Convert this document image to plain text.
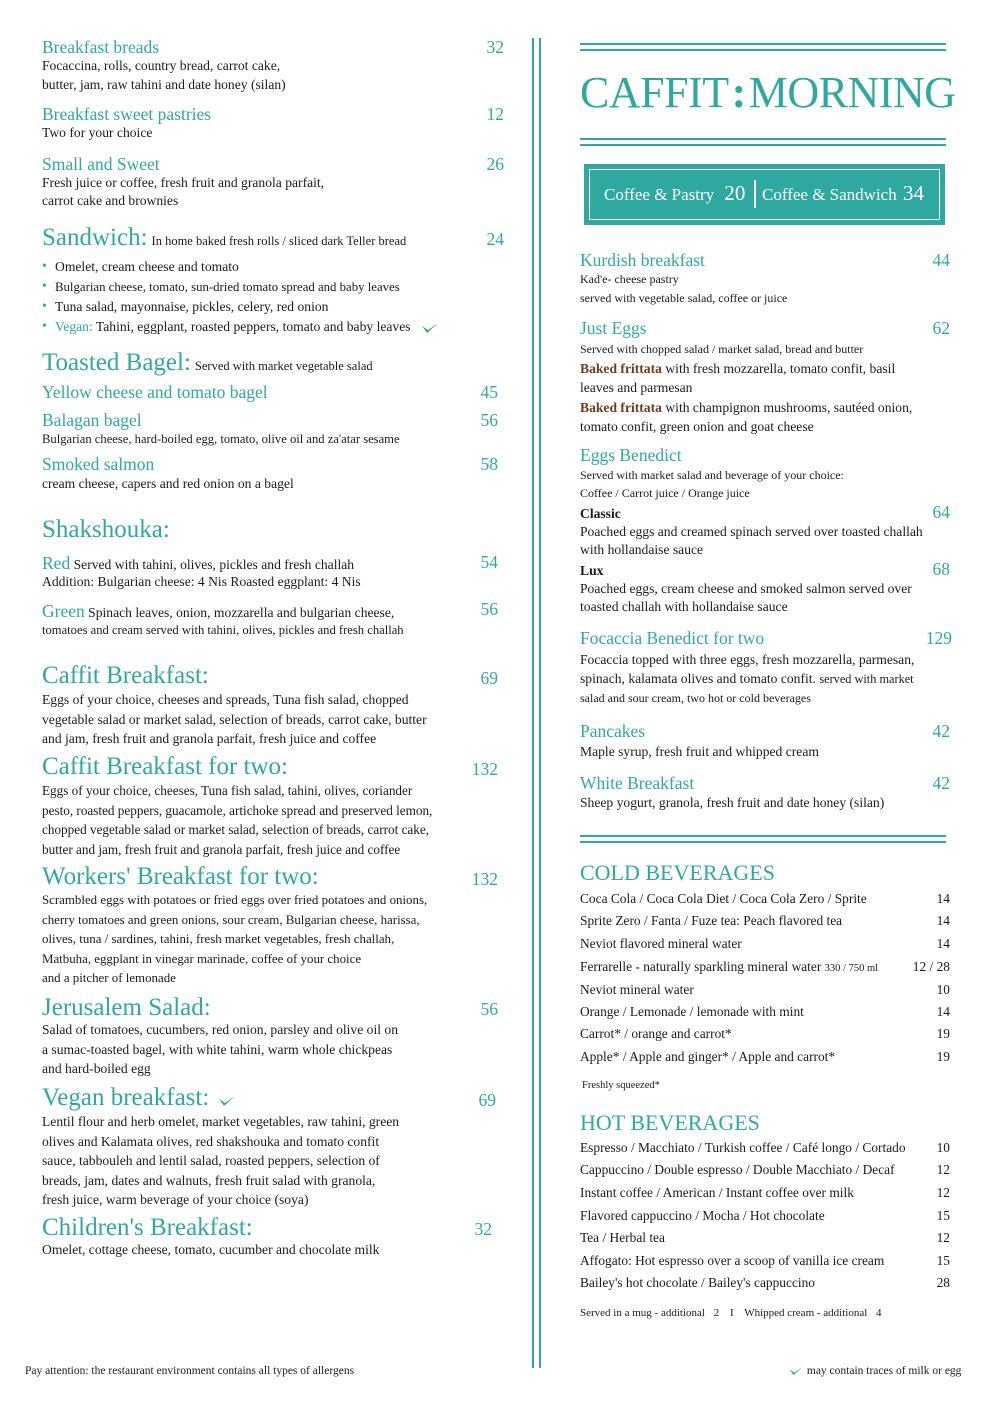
Breakfast breads	32
Focaccina, rolls, country bread, carrot cake,
butter, jam, raw tahini and date honey (silan)
Breakfast sweet pastries	12
Two for your choice
Small and Sweet	26
Fresh juice or coffee, fresh fruit and granola parfait,
carrot cake and brownies
Sandwich: In home baked fresh rolls / sliced dark Teller bread	24
• Omelet, cream cheese and tomato
• Bulgarian cheese, tomato, sun-dried tomato spread and baby leaves
• Tuna salad, mayonnaise, pickles, celery, red onion
• Vegan: Tahini, eggplant, roasted peppers, tomato and baby leaves
Toasted Bagel: Served with market vegetable salad
Yellow cheese and tomato bagel	45
Balagan bagel	56
Bulgarian cheese, hard-boiled egg, tomato, olive oil and za'atar sesame
Smoked salmon	58
cream cheese, capers and red onion on a bagel
Shakshouka:
Red Served with tahini, olives, pickles and fresh challah	54
Addition: Bulgarian cheese: 4 Nis Roasted eggplant: 4 Nis
Green Spinach leaves, onion, mozzarella and bulgarian cheese,	56
tomatoes and cream served with tahini, olives, pickles and fresh challah
Caffit Breakfast:	69
Eggs of your choice, cheeses and spreads, Tuna fish salad, chopped
vegetable salad or market salad, selection of breads, carrot cake, butter
and jam, fresh fruit and granola parfait, fresh juice and coffee
Caffit Breakfast for two:	132
Eggs of your choice, cheeses, Tuna fish salad, tahini, olives, coriander
pesto, roasted peppers, guacamole, artichoke spread and preserved lemon,
chopped vegetable salad or market salad, selection of breads, carrot cake,
butter and jam, fresh fruit and granola parfait, fresh juice and coffee
Workers' Breakfast for two:	132
Scrambled eggs with potatoes or fried eggs over fried potatoes and onions,
cherry tomatoes and green onions, sour cream, Bulgarian cheese, harissa,
olives, tuna / sardines, tahini, fresh market vegetables, fresh challah,
Matbuha, eggplant in vinegar marinade, coffee of your choice
and a pitcher of lemonade
Jerusalem Salad:	56
Salad of tomatoes, cucumbers, red onion, parsley and olive oil on
a sumac-toasted bagel, with white tahini, warm whole chickpeas
and hard-boiled egg
Vegan breakfast:	69
Lentil flour and herb omelet, market vegetables, raw tahini, green
olives and Kalamata olives, red shakshouka and tomato confit
sauce, tabbouleh and lentil salad, roasted peppers, selection of
breads, jam, dates and walnuts, fresh fruit salad with granola,
fresh juice, warm beverage of your choice (soya)
Children's Breakfast:	32
Omelet, cottage cheese, tomato, cucumber and chocolate milk
CAFFIT:MORNING
Coffee & Pastry 20 Coffee & Sandwich 34
Kurdish breakfast	44
Kad'e- cheese pastry
served with vegetable salad, coffee or juice
Just Eggs	62
Served with chopped salad / market salad, bread and butter
Baked frittata with fresh mozzarella, tomato confit, basil
leaves and parmesan
Baked frittata with champignon mushrooms, sautéed onion,
tomato confit, green onion and goat cheese
Eggs Benedict
Served with market salad and beverage of your choice:
Coffee / Carrot juice / Orange juice
Classic	64
Poached eggs and creamed spinach served over toasted challah
with hollandaise sauce
Lux	68
Poached eggs, cream cheese and smoked salmon served over
toasted challah with hollandaise sauce
Focaccia Benedict for two	129
Focaccia topped with three eggs, fresh mozzarella, parmesan,
spinach, kalamata olives and tomato confit. served with market
salad and sour cream, two hot or cold beverages
Pancakes	42
Maple syrup, fresh fruit and whipped cream
White Breakfast	42
Sheep yogurt, granola, fresh fruit and date honey (silan)
COLD BEVERAGES
Coca Cola / Coca Cola Diet / Coca Cola Zero / Sprite	14
Sprite Zero / Fanta / Fuze tea: Peach flavored tea	14
Neviot flavored mineral water	14
Ferrarelle - naturally sparkling mineral water 330 / 750 ml	12 / 28
Neviot mineral water	10
Orange / Lemonade / lemonade with mint	14
Carrot* / orange and carrot*	19
Apple* / Apple and ginger* / Apple and carrot*	19
Freshly squeezed*
HOT BEVERAGES
Espresso / Macchiato / Turkish coffee / Café longo / Cortado 10
Cappuccino / Double espresso / Double Macchiato / Decaf	12
Instant coffee / American / Instant coffee over milk	12
Flavored cappuccino / Mocha / Hot chocolate	15
Tea / Herbal tea	12
Affogato: Hot espresso over a scoop of vanilla ice cream	15
Bailey's hot chocolate / Bailey's cappuccino	28
Served in a mug - additional 2 I Whipped cream - additional 4
Pay attention: the restaurant environment contains all types of allergens	may contain traces of milk or egg
